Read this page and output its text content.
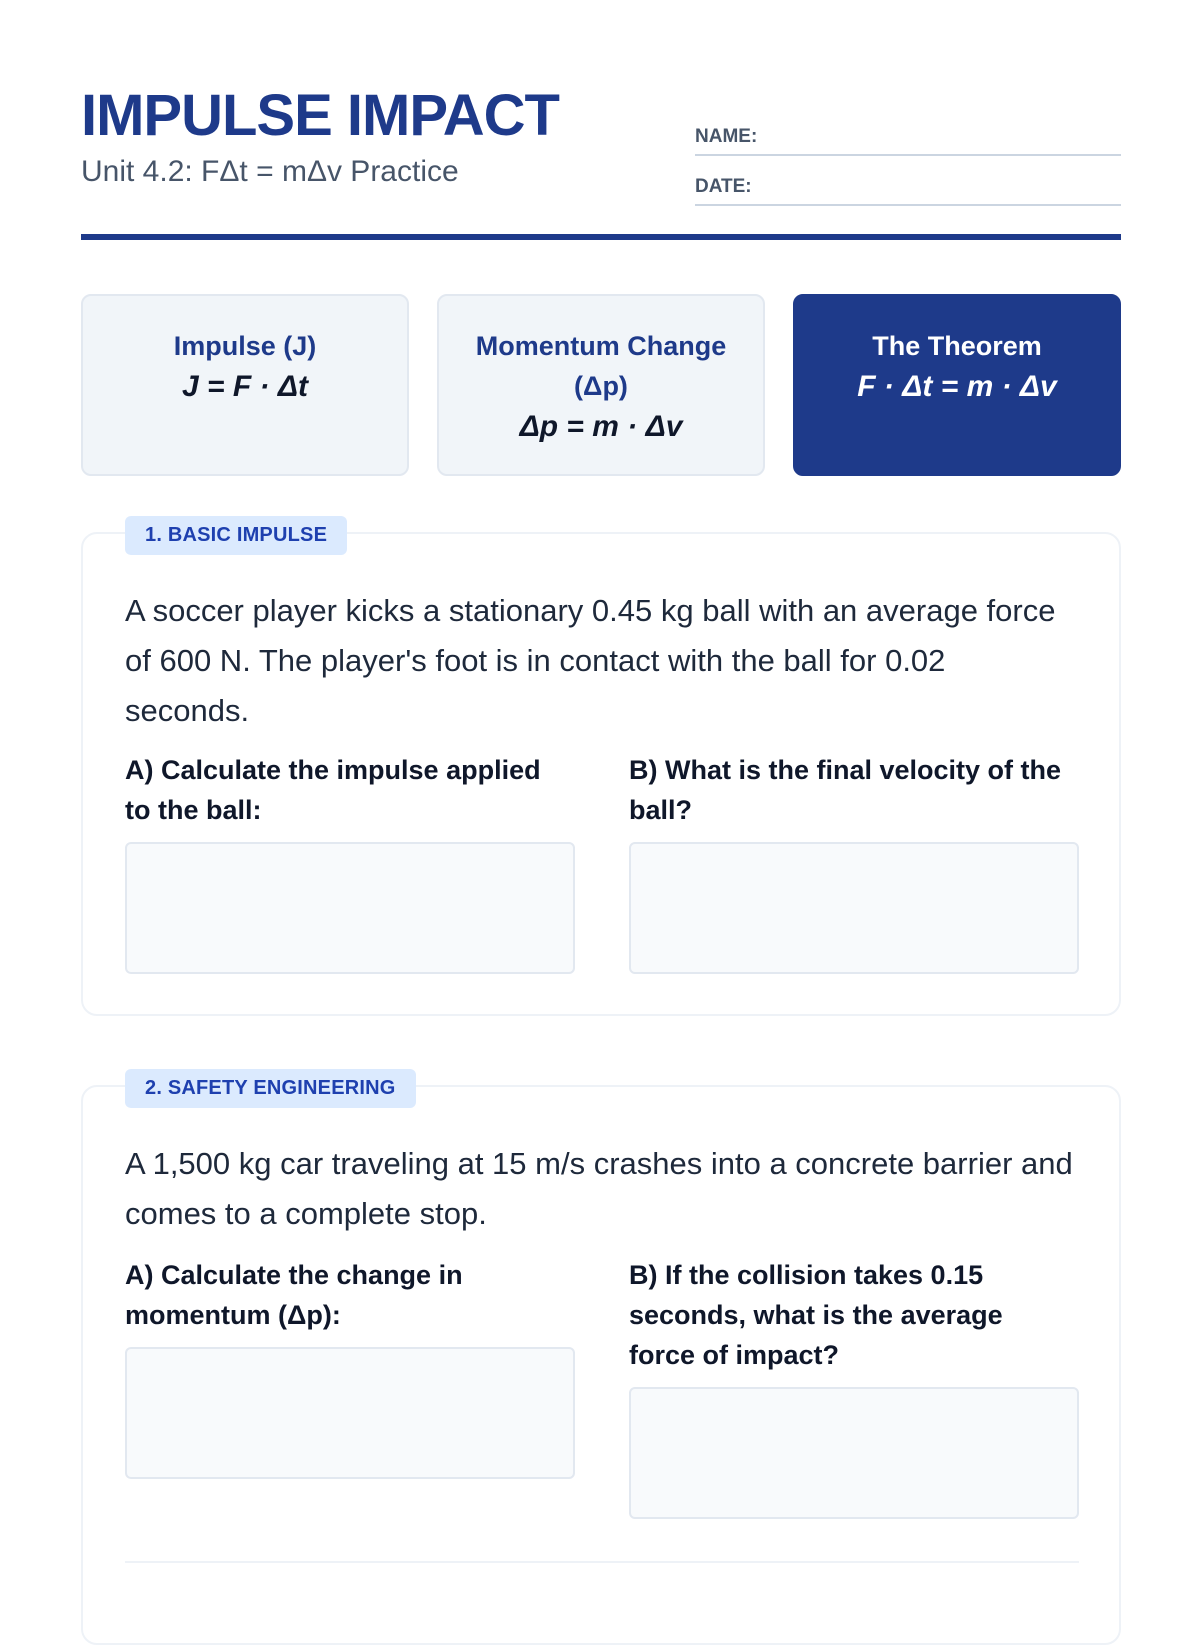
IMPULSE IMPACT
Unit 4.2: FΔt = mΔv Practice
NAME:
DATE:
Impulse (J)
J = F · Δt
Momentum Change (Δp)
Δp = m · Δv
The Theorem
F · Δt = m · Δv
1. BASIC IMPULSE

A soccer player kicks a stationary 0.45 kg ball with an average force of 600 N. The player's foot is in contact with the ball for 0.02 seconds.

A) Calculate the impulse applied to the ball:

B) What is the final velocity of the ball?

2. SAFETY ENGINEERING

A 1,500 kg car traveling at 15 m/s crashes into a concrete barrier and comes to a complete stop.

A) Calculate the change in momentum (Δp):

B) If the collision takes 0.15 seconds, what is the average force of impact?
